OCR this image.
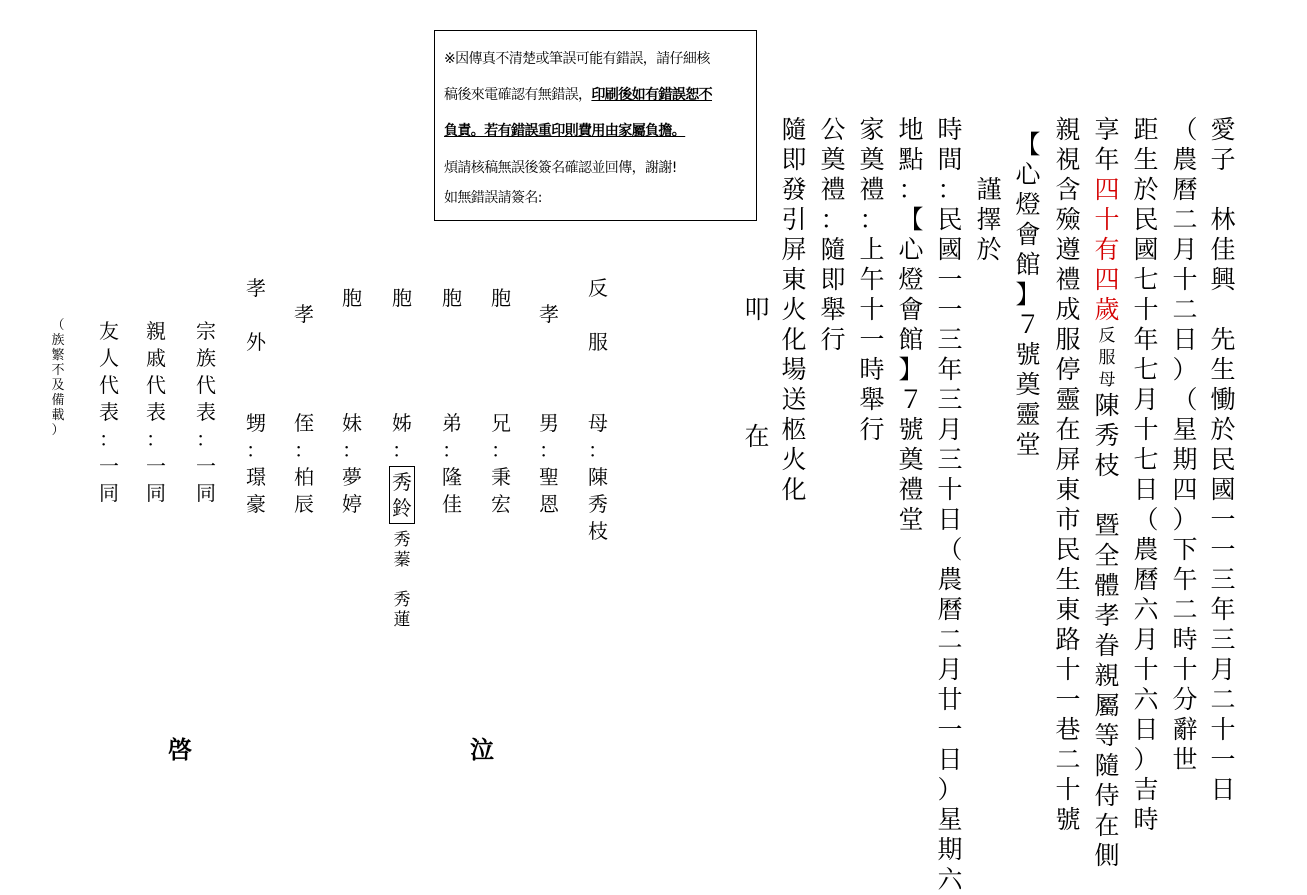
愛
子

林
佳
興

先
生
慟
於
民
國
一
一
三
年
三
月
二
十
一
日
（
農
曆
二
月
十
二
日
）
（
星
期
四
）
下
午
二
時
十
分
辭
世
距
生
於
民
國
七
十
年
七
月
十
七
日
（
農
曆
六
月
十
六
日
）
吉
時
享
年
四
十
有
四
歲
反
服
母
陳
秀
枝

暨
全
體
孝
眷
親
屬
等
隨
侍
在
側
親
視
含
殮
遵
禮
成
服
停
靈
在
屏
東
市
民
生
東
路
十
一
巷
二
十
號
【
心
燈
會
館
】
７
號
奠
靈
堂
謹
擇
於
時
間
：
民
國
一
一
三
年
三
月
三
十
日
（
農
曆
二
月
廿
一
日
）
星
期
六
地
點
：
【
心
燈
會
館
】
７
號
奠
禮
堂
家
奠
禮
：
上
午
十
一
時
舉
行
公
奠
禮
：
隨
即
舉
行
隨
即
發
引
屏
東
火
化
場
送
柩
火
化
叩
在
泣
啓
反

服
母
：
陳
秀
枝
孝
男
：
聖
恩
胞
兄
：
秉
宏
胞
弟
：
隆
佳
胞
姊
：
秀
鈴
秀
蓁

秀
蓮
胞
妹
：
夢
婷
孝
侄
：
柏
辰
孝

外
甥
：
璟
豪
宗
族
代
表
：
一
同
親
戚
代
表
：
一
同
友
人
代
表
：
一
同
（
族
繁
不
及
備
載
）

※因傳真不清楚或筆誤可能有錯誤，請仔細核

稿後來電確認有無錯誤，印刷後如有錯誤恕不

負責。若有錯誤重印則費用由家屬負擔。

煩請核稿無誤後簽名確認並回傳，謝謝!

如無錯誤請簽名:
